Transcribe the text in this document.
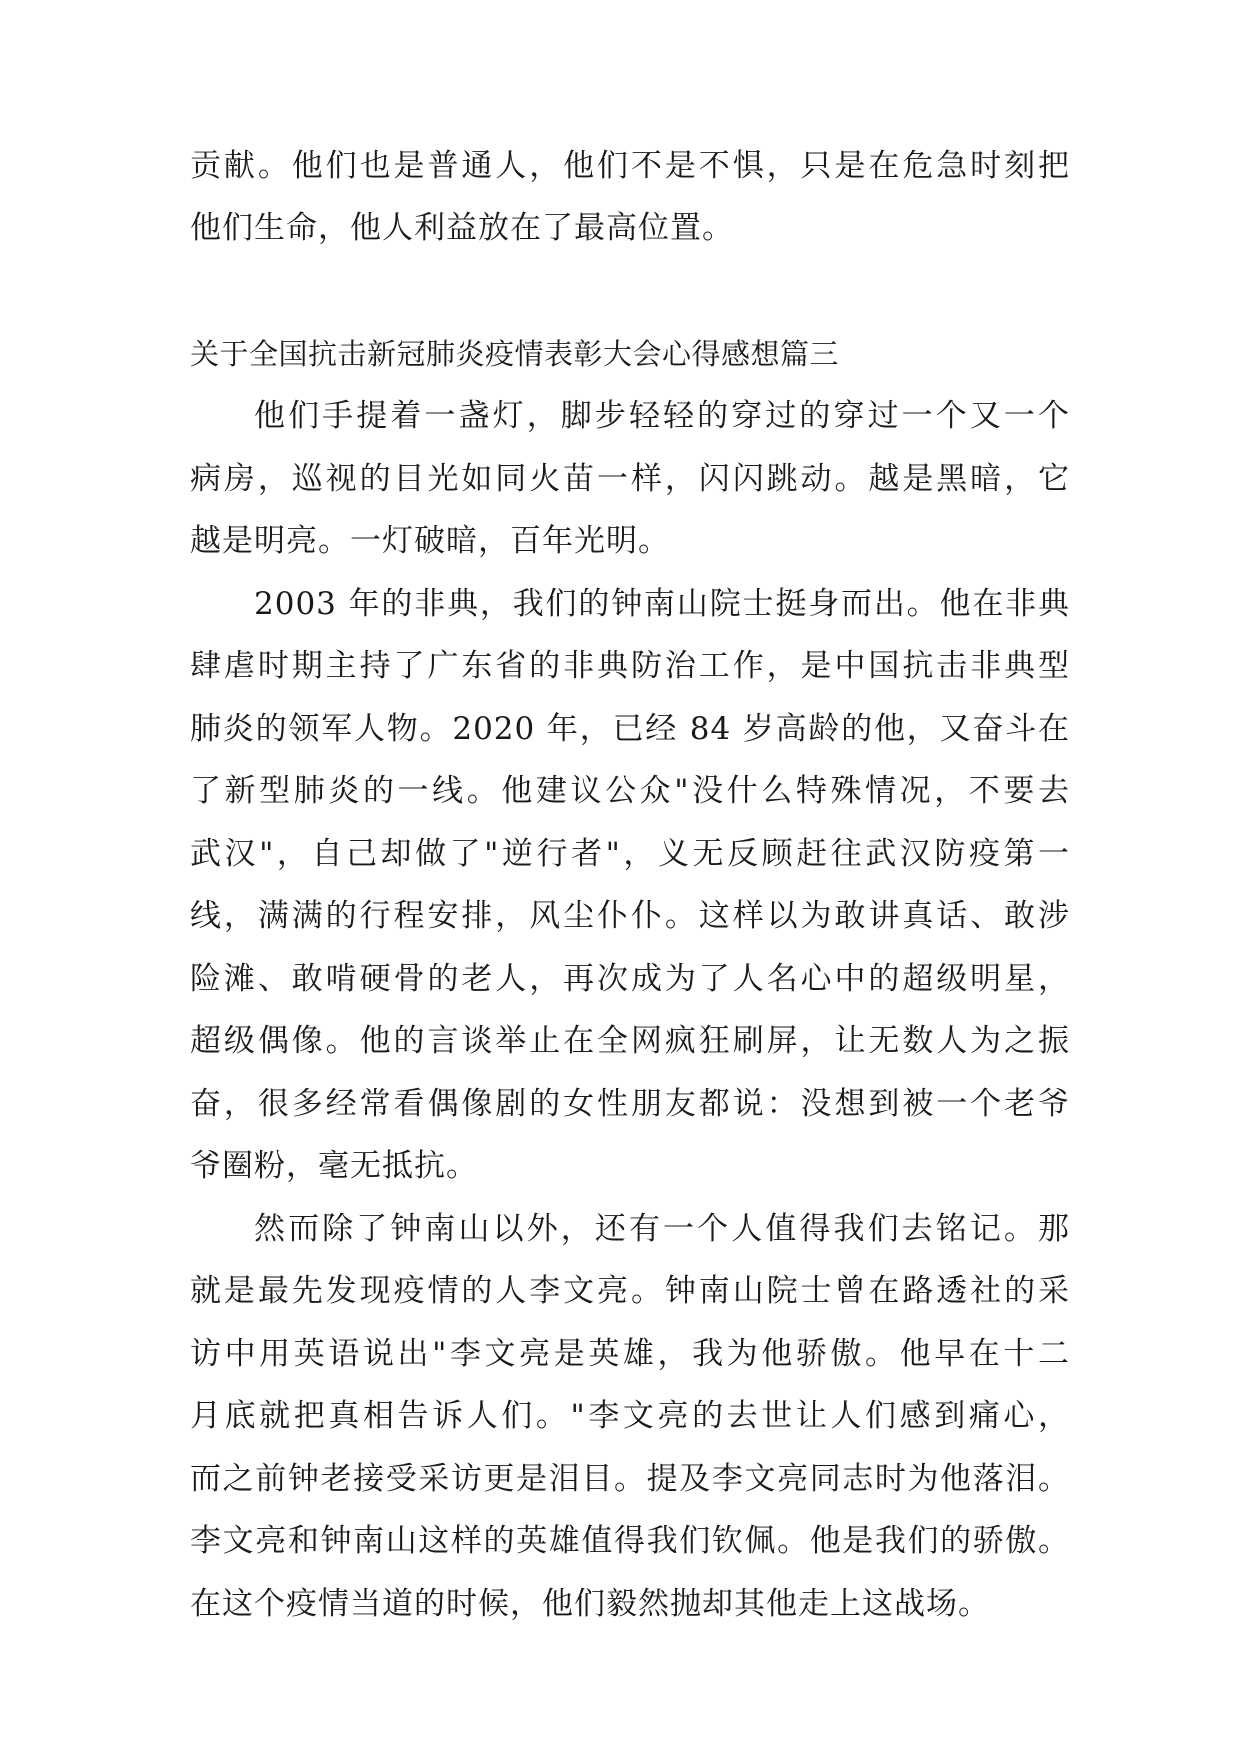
贡献。他们也是普通人，他们不是不惧，只是在危急时刻把
他们生命，他人利益放在了最高位置。
关于全国抗击新冠肺炎疫情表彰大会心得感想篇三
他们手提着一盏灯，脚步轻轻的穿过的穿过一个又一个
病房，巡视的目光如同火苗一样，闪闪跳动。越是黑暗，它
越是明亮。一灯破暗，百年光明。
2003 年的非典，我们的钟南山院士挺身而出。他在非典
肆虐时期主持了广东省的非典防治工作，是中国抗击非典型
肺炎的领军人物。2020 年，已经 84 岁高龄的他，又奋斗在
了新型肺炎的一线。他建议公众"没什么特殊情况，不要去
武汉"，自己却做了"逆行者"，义无反顾赶往武汉防疫第一
线，满满的行程安排，风尘仆仆。这样以为敢讲真话、敢涉
险滩、敢啃硬骨的老人，再次成为了人名心中的超级明星，
超级偶像。他的言谈举止在全网疯狂刷屏，让无数人为之振
奋，很多经常看偶像剧的女性朋友都说：没想到被一个老爷
爷圈粉，毫无抵抗。
然而除了钟南山以外，还有一个人值得我们去铭记。那
就是最先发现疫情的人李文亮。钟南山院士曾在路透社的采
访中用英语说出"李文亮是英雄，我为他骄傲。他早在十二
月底就把真相告诉人们。"李文亮的去世让人们感到痛心，
而之前钟老接受采访更是泪目。提及李文亮同志时为他落泪。
李文亮和钟南山这样的英雄值得我们钦佩。他是我们的骄傲。
在这个疫情当道的时候，他们毅然抛却其他走上这战场。
